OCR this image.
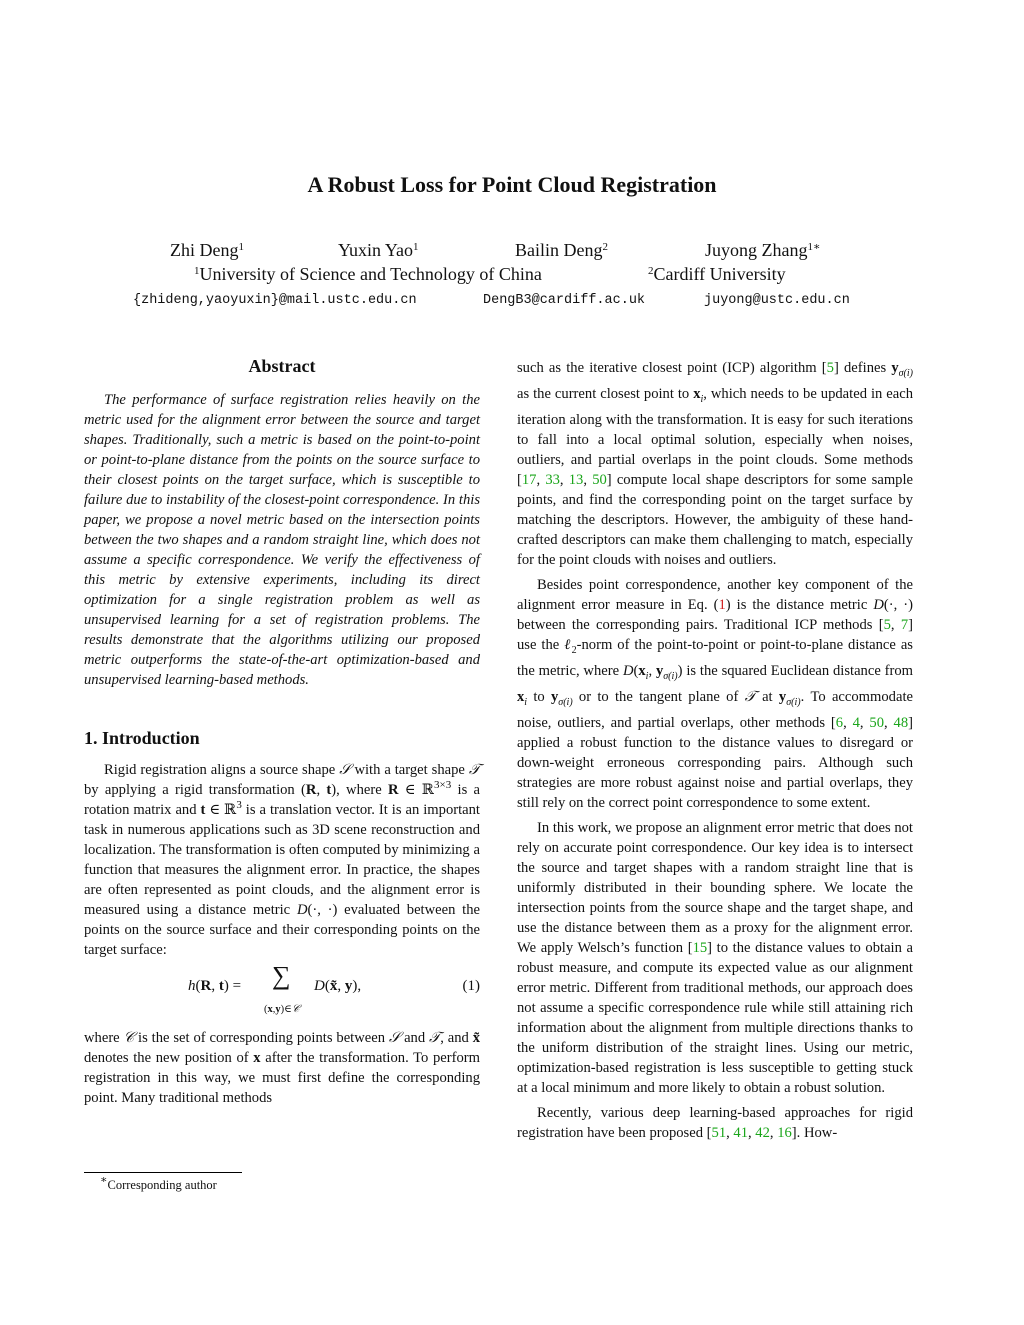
A Robust Loss for Point Cloud Registration
Zhi Deng$^1$	Yuxin Yao$^1$	Bailin Deng$^2$	Juyong Zhang$^{1∗}$
$^1$University of Science and Technology of China	$^2$Cardiff University
{zhideng,yaoyuxin}@mail.ustc.edu.cn	DengB3@cardiff.ac.uk	juyong@ustc.edu.cn
Abstract
The performance of surface registration relies heavily on the metric used for the alignment error between the source and target shapes. Traditionally, such a metric is based on the point-to-point or point-to-plane distance from the points on the source surface to their closest points on the target surface, which is susceptible to failure due to instability of the closest-point correspondence. In this paper, we propose a novel metric based on the intersection points between the two shapes and a random straight line, which does not assume a specific correspondence. We verify the effectiveness of this metric by extensive experiments, including its direct optimization for a single registration problem as well as unsupervised learning for a set of registration problems. The results demonstrate that the algorithms utilizing our proposed metric outperforms the state-of-the-art optimization-based and unsupervised learning-based methods.
1. Introduction

Rigid registration aligns a source shape 𝒮 with a target shape 𝒯 by applying a rigid transformation (R, t), where R ∈ ℝ$^{3\times 3}$ is a rotation matrix and t ∈ ℝ$^3$ is a translation vector. It is an important task in numerous applications such as 3D scene reconstruction and localization. The transformation is often computed by minimizing a function that measures the alignment error. In practice, the shapes are often represented as point clouds, and the alignment error is measured using a distance metric D(·, ·) evaluated between the points on the source surface and their corresponding points on the target surface:

h(R, t) = ∑
(x,y)∈𝒞
D(x̃, y),	(1)

where 𝒞 is the set of corresponding points between 𝒮 and 𝒯, and x̃ denotes the new position of x after the transformation. To perform registration in this way, we must first define the corresponding point. Many traditional methods

∗Corresponding author

such as the iterative closest point (ICP) algorithm [5] defines $y_{\sigma(i)}$ as the current closest point to $x_i$, which needs to be updated in each iteration along with the transformation. It is easy for such iterations to fall into a local optimal solution, especially when noises, outliers, and partial overlaps in the point clouds. Some methods [17, 33, 13, 50] compute local shape descriptors for some sample points, and find the corresponding point on the target surface by matching the descriptors. However, the ambiguity of these hand-crafted descriptors can make them challenging to match, especially for the point clouds with noises and outliers.

Besides point correspondence, another key component of the alignment error measure in Eq. (1) is the distance metric D(·, ·) between the corresponding pairs. Traditional ICP methods [5, 7] use the ℓ$_2$-norm of the point-to-point or point-to-plane distance as the metric, where $D(x_i$, $y_{\sigma(i)}$) is the squared Euclidean distance from $x_i$ to $y_{\sigma(i)}$ or to the tangent plane of 𝒯 at $y_{\sigma(i)}$. To accommodate noise, outliers, and partial overlaps, other methods [6, 4, 50, 48] applied a robust function to the distance values to disregard or down-weight erroneous corresponding pairs. Although such strategies are more robust against noise and partial overlaps, they still rely on the correct point correspondence to some extent.

In this work, we propose an alignment error metric that does not rely on accurate point correspondence. Our key idea is to intersect the source and target shapes with a random straight line that is uniformly distributed in their bounding sphere. We locate the intersection points from the source shape and the target shape, and use the distance between them as a proxy for the alignment error. We apply Welsch’s function [15] to the distance values to obtain a robust measure, and compute its expected value as our alignment error metric. Different from traditional methods, our approach does not assume a specific correspondence rule while still attaining rich information about the alignment from multiple directions thanks to the uniform distribution of the straight lines. Using our metric, optimization-based registration is less susceptible to getting stuck at a local minimum and more likely to obtain a robust solution.

Recently, various deep learning-based approaches for rigid registration have been proposed [51, 41, 42, 16]. How-
